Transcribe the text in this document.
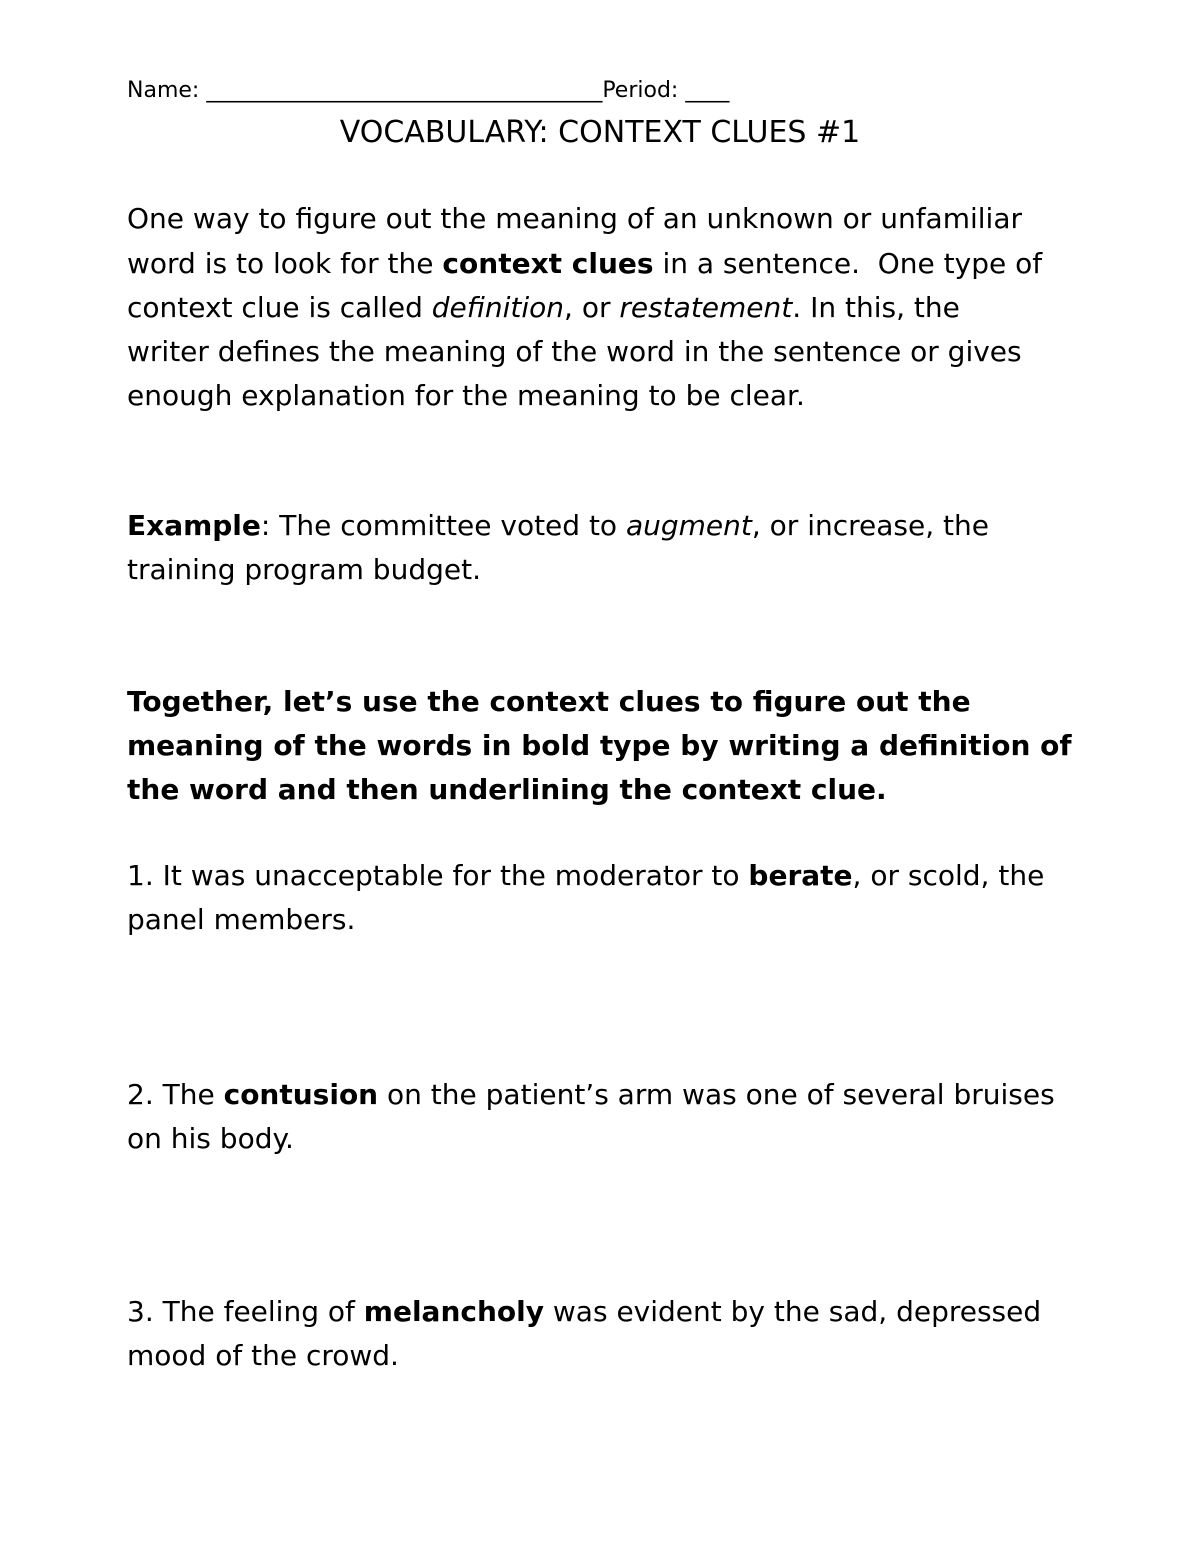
Name: ____________________________________Period: ____
VOCABULARY: CONTEXT CLUES #1
One way to figure out the meaning of an unknown or unfamiliar
word is to look for the context clues in a sentence.  One type of
context clue is called definition, or restatement. In this, the
writer defines the meaning of the word in the sentence or gives
enough explanation for the meaning to be clear.
Example: The committee voted to augment, or increase, the
training program budget.
Together, let’s use the context clues to figure out the
meaning of the words in bold type by writing a definition of
the word and then underlining the context clue.
1. It was unacceptable for the moderator to berate, or scold, the
panel members.
2. The contusion on the patient’s arm was one of several bruises
on his body.
3. The feeling of melancholy was evident by the sad, depressed
mood of the crowd.
